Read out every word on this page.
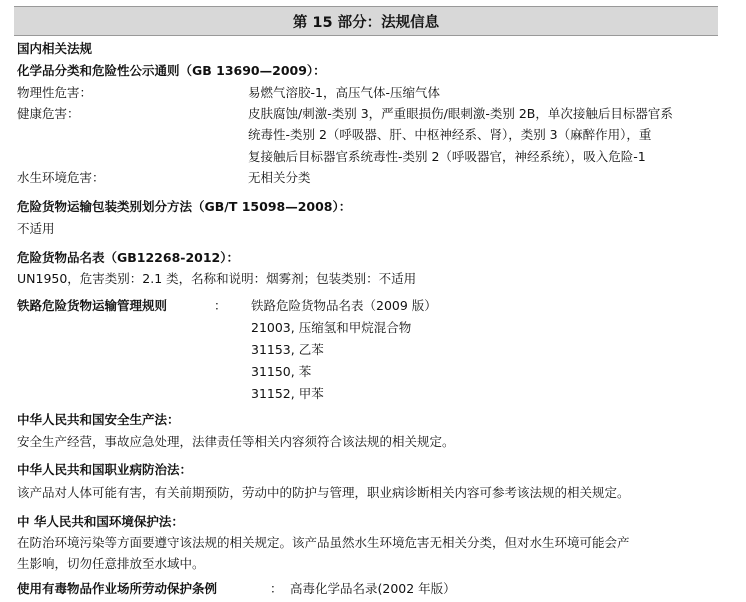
第 15 部分：法规信息
国内相关法规
化学品分类和危险性公示通则（GB 13690—2009）：
物理性危害：	易燃气溶胶-1，高压气体-压缩气体
健康危害：	皮肤腐蚀/刺激-类别 3，严重眼损伤/眼刺激-类别 2B，单次接触后目标器官系
统毒性-类别 2（呼吸器、肝、中枢神经系、肾），类别 3（麻醉作用），重
复接触后目标器官系统毒性-类别 2（呼吸器官，神经系统），吸入危险-1
水生环境危害：	无相关分类
危险货物运输包装类别划分方法（GB/T 15098—2008）：
不适用
危险货物品名表（GB12268-2012）：
UN1950，危害类别：2.1 类，名称和说明：烟雾剂；包装类别：不适用
铁路危险货物运输管理规则	： 铁路危险货物品名表（2009 版）
21003, 压缩氢和甲烷混合物
31153, 乙苯
31150, 苯
31152, 甲苯
中华人民共和国安全生产法：
安全生产经营，事故应急处理，法律责任等相关内容须符合该法规的相关规定。
中华人民共和国职业病防治法：
该产品对人体可能有害，有关前期预防，劳动中的防护与管理，职业病诊断相关内容可参考该法规的相关规定。
中 华人民共和国环境保护法：
在防治环境污染等方面要遵守该法规的相关规定。该产品虽然水生环境危害无相关分类，但对水生环境可能会产
生影响，切勿任意排放至水域中。
使用有毒物品作业场所劳动保护条例	： 高毒化学品名录(2002 年版）
